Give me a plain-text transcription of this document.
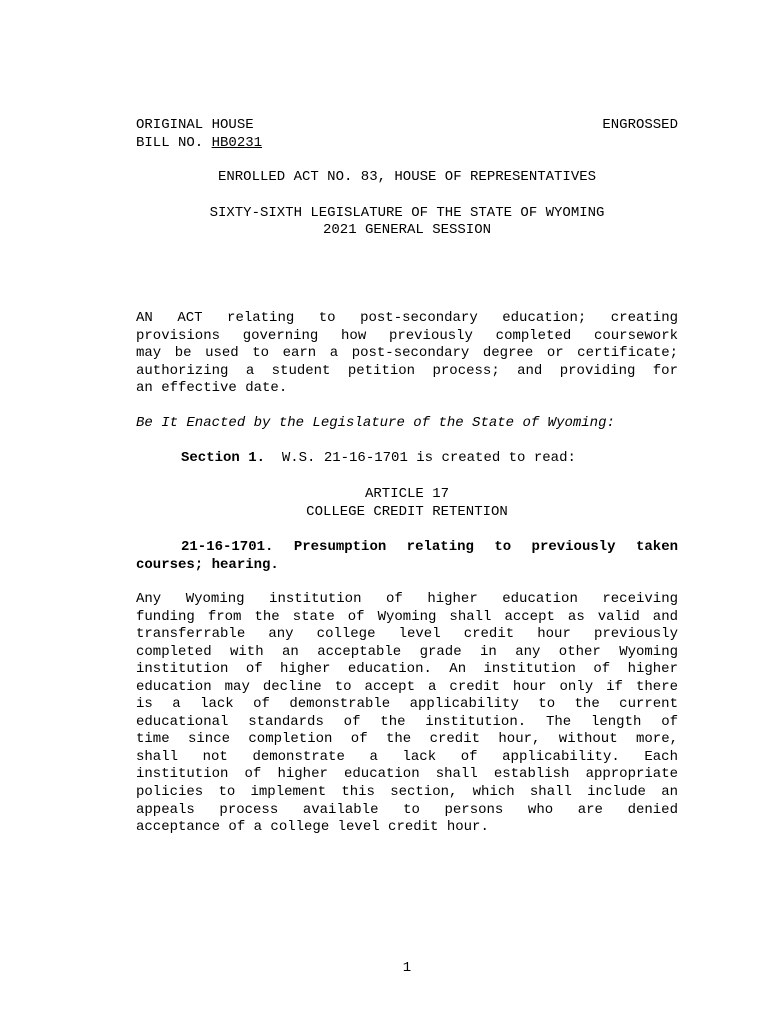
ORIGINAL HOUSE
BILL NO. HB0231
ENGROSSED
ENROLLED ACT NO. 83, HOUSE OF REPRESENTATIVES
SIXTY-SIXTH LEGISLATURE OF THE STATE OF WYOMING
2021 GENERAL SESSION
AN ACT relating to post-secondary education; creating
provisions governing how previously completed coursework
may be used to earn a post-secondary degree or certificate;
authorizing a student petition process; and providing for
an effective date.
Be It Enacted by the Legislature of the State of Wyoming:
Section 1.  W.S. 21-16-1701 is created to read:
ARTICLE 17
COLLEGE CREDIT RETENTION
21-16-1701. Presumption relating to previously taken
courses; hearing.
Any Wyoming institution of higher education receiving
funding from the state of Wyoming shall accept as valid and
transferrable any college level credit hour previously
completed with an acceptable grade in any other Wyoming
institution of higher education. An institution of higher
education may decline to accept a credit hour only if there
is a lack of demonstrable applicability to the current
educational standards of the institution. The length of
time since completion of the credit hour, without more,
shall not demonstrate a lack of applicability. Each
institution of higher education shall establish appropriate
policies to implement this section, which shall include an
appeals process available to persons who are denied
acceptance of a college level credit hour.
1
